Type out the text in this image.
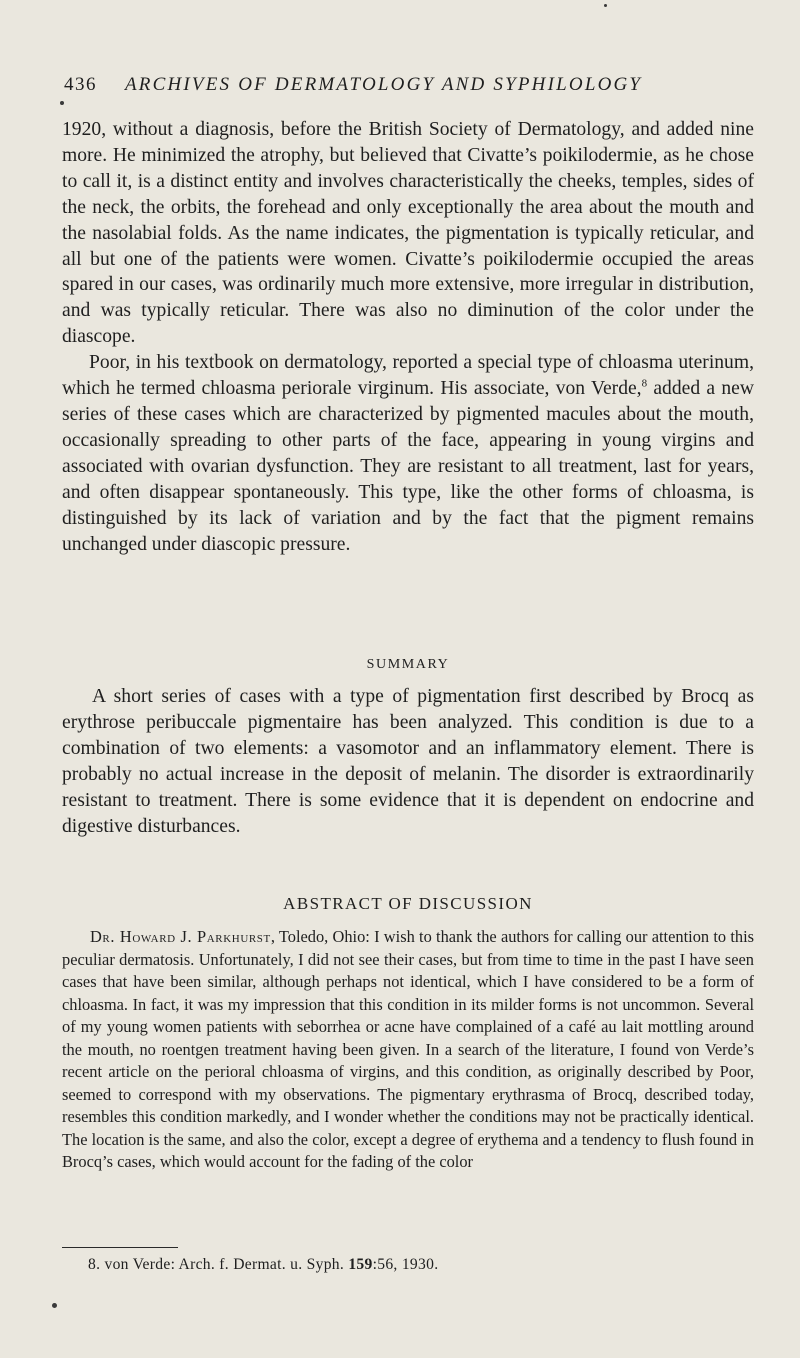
436 ARCHIVES OF DERMATOLOGY AND SYPHILOLOGY

1920, without a diagnosis, before the British Society of Dermatology, and added nine more. He minimized the atrophy, but believed that Civatte’s poikilodermie, as he chose to call it, is a distinct entity and involves characteristically the cheeks, temples, sides of the neck, the orbits, the forehead and only exceptionally the area about the mouth and the nasolabial folds. As the name indicates, the pigmentation is typically reticular, and all but one of the patients were women. Civatte’s poikilodermie occupied the areas spared in our cases, was ordinarily much more extensive, more irregular in distribution, and was typically reticular. There was also no diminution of the color under the diascope.

Poor, in his textbook on dermatology, reported a special type of chloasma uterinum, which he termed chloasma periorale virginum. His associate, von Verde,$^8$ added a new series of these cases which are characterized by pigmented macules about the mouth, occasionally spreading to other parts of the face, appearing in young virgins and associated with ovarian dysfunction. They are resistant to all treatment, last for years, and often disappear spontaneously. This type, like the other forms of chloasma, is distinguished by its lack of variation and by the fact that the pigment remains unchanged under diascopic pressure.

SUMMARY

A short series of cases with a type of pigmentation first described by Brocq as erythrose peribuccale pigmentaire has been analyzed. This condition is due to a combination of two elements: a vasomotor and an inflammatory element. There is probably no actual increase in the deposit of melanin. The disorder is extraordinarily resistant to treatment. There is some evidence that it is dependent on endocrine and digestive disturbances.

ABSTRACT OF DISCUSSION

Dr. Howard J. Parkhurst, Toledo, Ohio: I wish to thank the authors for calling our attention to this peculiar dermatosis. Unfortunately, I did not see their cases, but from time to time in the past I have seen cases that have been similar, although perhaps not identical, which I have considered to be a form of chloasma. In fact, it was my impression that this condition in its milder forms is not uncommon. Several of my young women patients with seborrhea or acne have complained of a café au lait mottling around the mouth, no roentgen treatment having been given. In a search of the literature, I found von Verde’s recent article on the perioral chloasma of virgins, and this condition, as originally described by Poor, seemed to correspond with my observations. The pigmentary erythrasma of Brocq, described today, resembles this condition markedly, and I wonder whether the conditions may not be practically identical. The location is the same, and also the color, except a degree of erythema and a tendency to flush found in Brocq’s cases, which would account for the fading of the color

8. von Verde: Arch. f. Dermat. u. Syph. 159:56, 1930.
